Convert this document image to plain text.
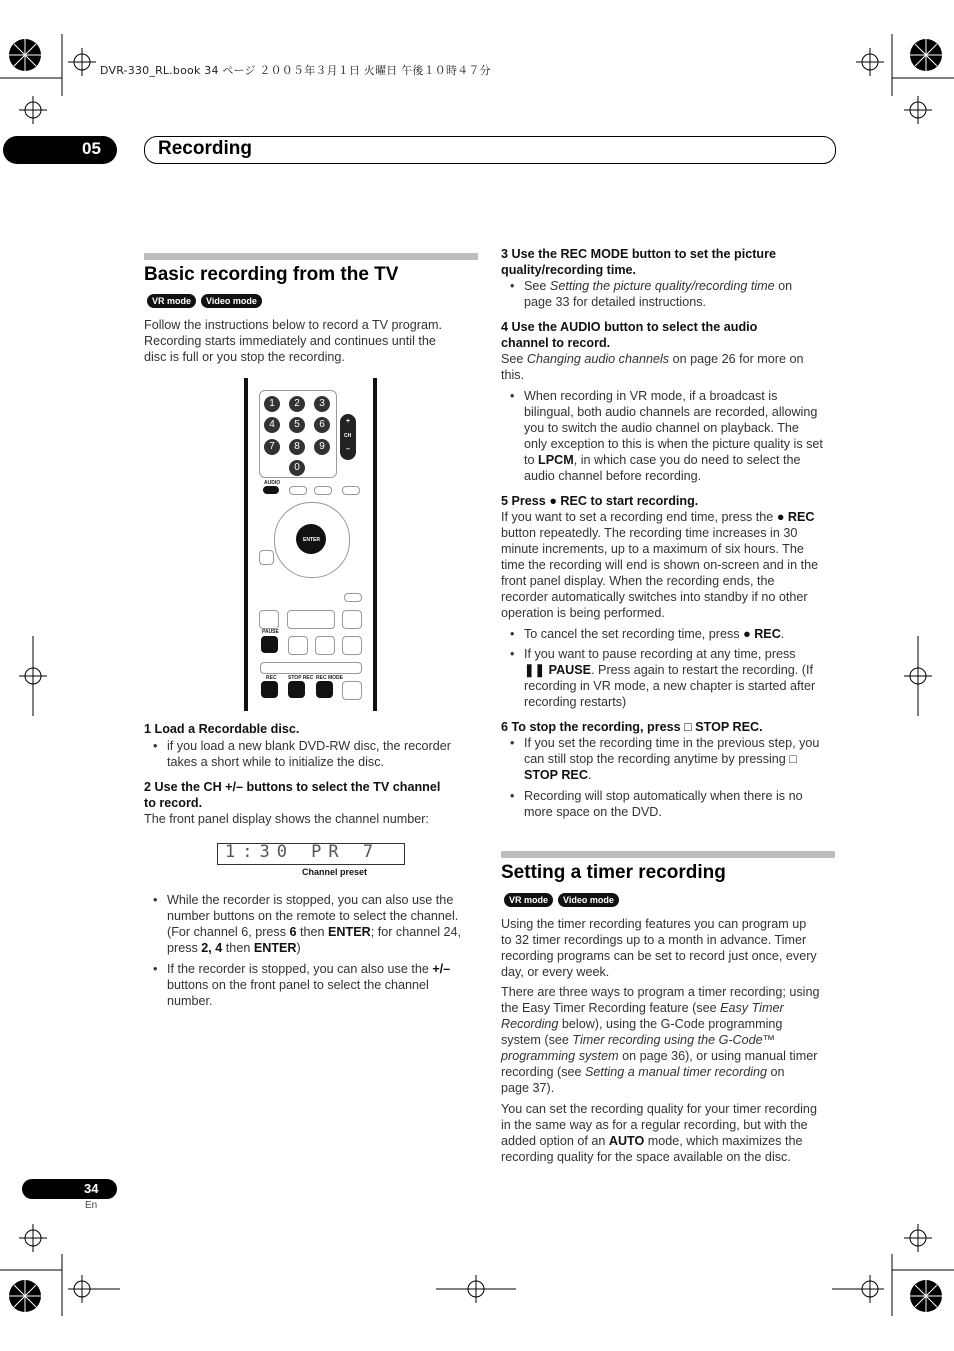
DVR-330_RL.book 34 ページ ２００５年３月１日 火曜日 午後１０時４７分
05	Recording
Basic recording from the TV
VR mode	Video mode
Follow the instructions below to record a TV program.
Recording starts immediately and continues until the
disc is full or you stop the recording.
1	2	3
4	5	6
7	8	9
0
+
CH
–
AUDIO
ENTER
PAUSE
REC STOP REC REC MODE
1 Load a Recordable disc.
• if you load a new blank DVD-RW disc, the recorder
takes a short while to initialize the disc.
2 Use the CH +/– buttons to select the TV channel
to record.
The front panel display shows the channel number:
1:30 PR 7
Channel preset
• While the recorder is stopped, you can also use the
number buttons on the remote to select the channel.
(For channel 6, press 6 then ENTER; for channel 24,
press 2, 4 then ENTER)
• If the recorder is stopped, you can also use the +/–
buttons on the front panel to select the channel
number.
3 Use the REC MODE button to set the picture
quality/recording time.
• See Setting the picture quality/recording time on
page 33 for detailed instructions.
4 Use the AUDIO button to select the audio
channel to record.
See Changing audio channels on page 26 for more on
this.
• When recording in VR mode, if a broadcast is
bilingual, both audio channels are recorded, allowing
you to switch the audio channel on playback. The
only exception to this is when the picture quality is set
to LPCM, in which case you do need to select the
audio channel before recording.
5 Press ● REC to start recording.
If you want to set a recording end time, press the ● REC
button repeatedly. The recording time increases in 30
minute increments, up to a maximum of six hours. The
time the recording will end is shown on-screen and in the
front panel display. When the recording ends, the
recorder automatically switches into standby if no other
operation is being performed.
• To cancel the set recording time, press ● REC.
• If you want to pause recording at any time, press
❚❚ PAUSE. Press again to restart the recording. (If
recording in VR mode, a new chapter is started after
recording restarts)
6 To stop the recording, press □ STOP REC.
• If you set the recording time in the previous step, you
can still stop the recording anytime by pressing □
STOP REC.
• Recording will stop automatically when there is no
more space on the DVD.
Setting a timer recording
VR mode	Video mode
Using the timer recording features you can program up
to 32 timer recordings up to a month in advance. Timer
recording programs can be set to record just once, every
day, or every week.
There are three ways to program a timer recording; using
the Easy Timer Recording feature (see Easy Timer
Recording below), using the G-Code programming
system (see Timer recording using the G-Code™
programming system on page 36), or using manual timer
recording (see Setting a manual timer recording on
page 37).
You can set the recording quality for your timer recording
in the same way as for a regular recording, but with the
added option of an AUTO mode, which maximizes the
recording quality for the space available on the disc.
34
En
